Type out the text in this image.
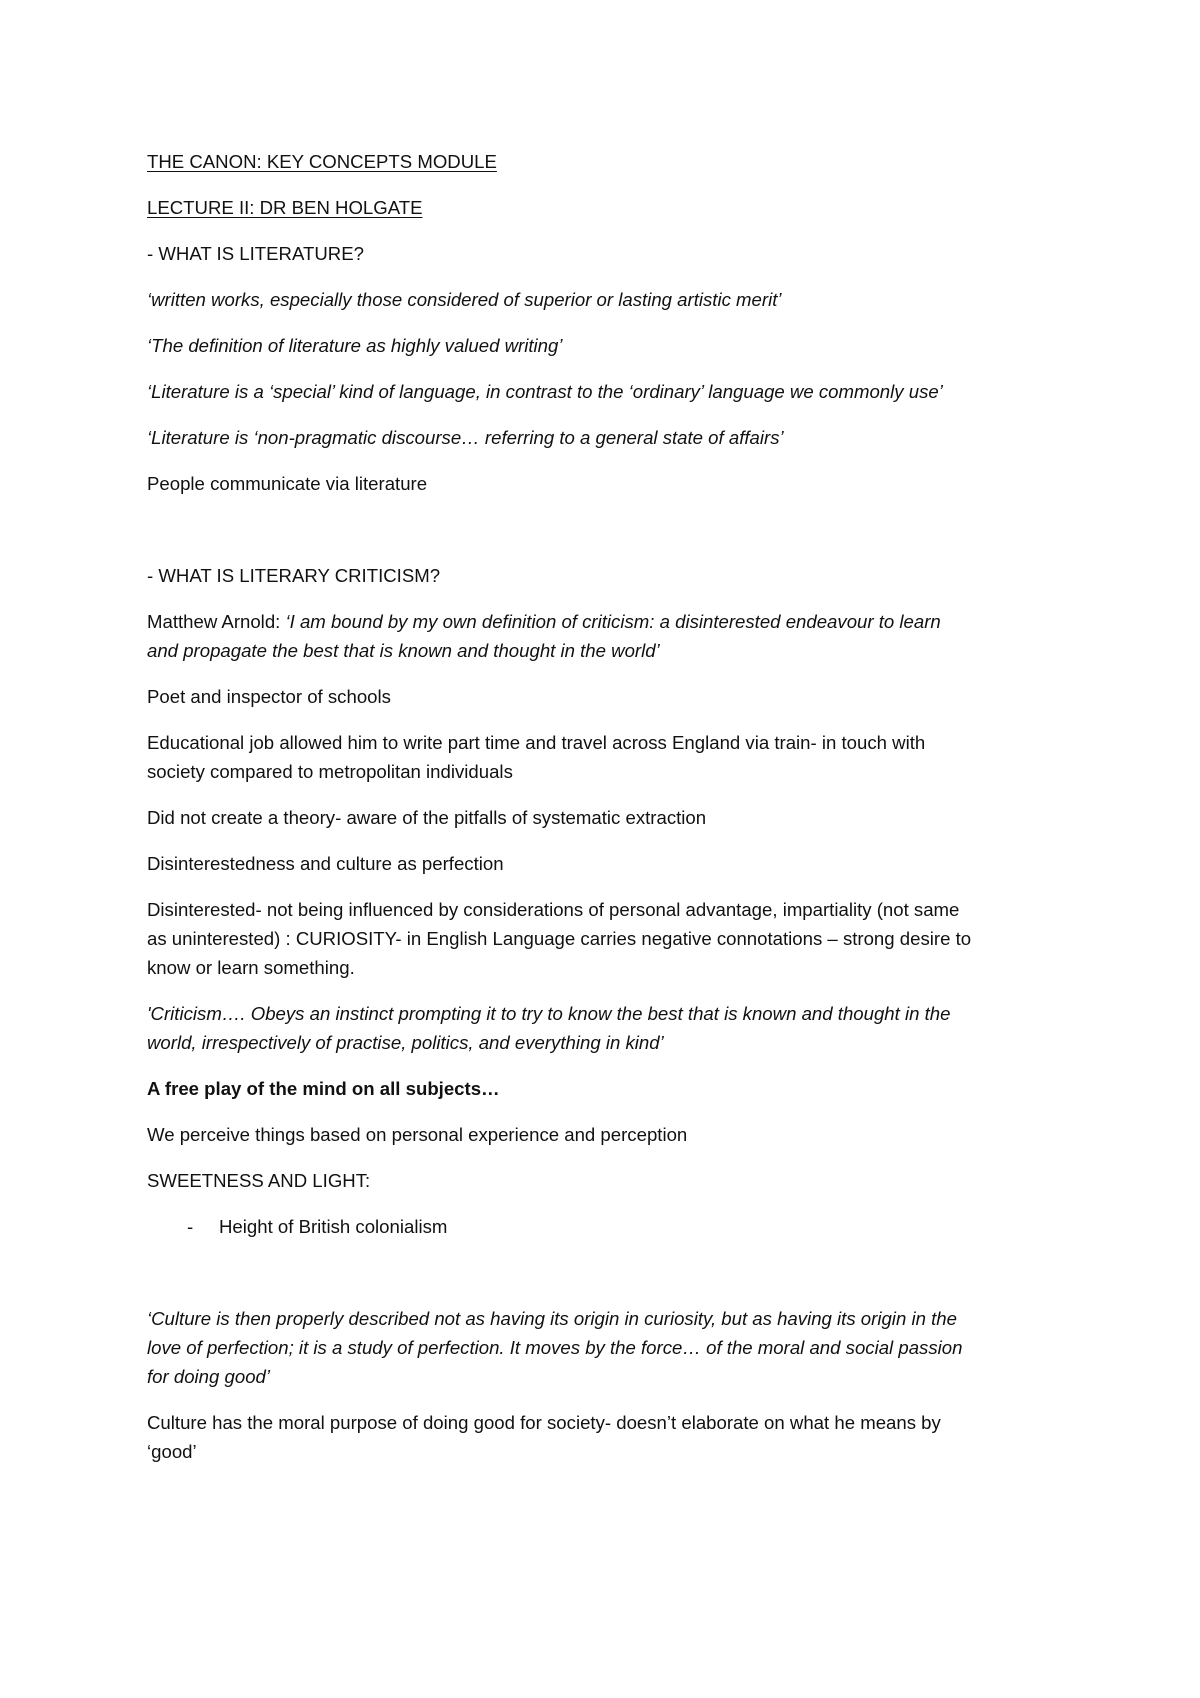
THE CANON: KEY CONCEPTS MODULE

LECTURE II: DR BEN HOLGATE

- WHAT IS LITERATURE?

‘written works, especially those considered of superior or lasting artistic merit’

‘The definition of literature as highly valued writing’

‘Literature is a ‘special’ kind of language, in contrast to the ‘ordinary’ language we commonly use’

‘Literature is ‘non-pragmatic discourse… referring to a general state of affairs’

People communicate via literature

- WHAT IS LITERARY CRITICISM?

Matthew Arnold: ‘I am bound by my own definition of criticism: a disinterested endeavour to learn

and propagate the best that is known and thought in the world’

Poet and inspector of schools

Educational job allowed him to write part time and travel across England via train- in touch with

society compared to metropolitan individuals

Did not create a theory- aware of the pitfalls of systematic extraction

Disinterestedness and culture as perfection

Disinterested- not being influenced by considerations of personal advantage, impartiality (not same

as uninterested) : CURIOSITY- in English Language carries negative connotations – strong desire to

know or learn something.

'Criticism…. Obeys an instinct prompting it to try to know the best that is known and thought in the

world, irrespectively of practise, politics, and everything in kind’

A free play of the mind on all subjects…

We perceive things based on personal experience and perception

SWEETNESS AND LIGHT:

- Height of British colonialism

‘Culture is then properly described not as having its origin in curiosity, but as having its origin in the

love of perfection; it is a study of perfection. It moves by the force… of the moral and social passion

for doing good’

Culture has the moral purpose of doing good for society- doesn’t elaborate on what he means by

‘good’
